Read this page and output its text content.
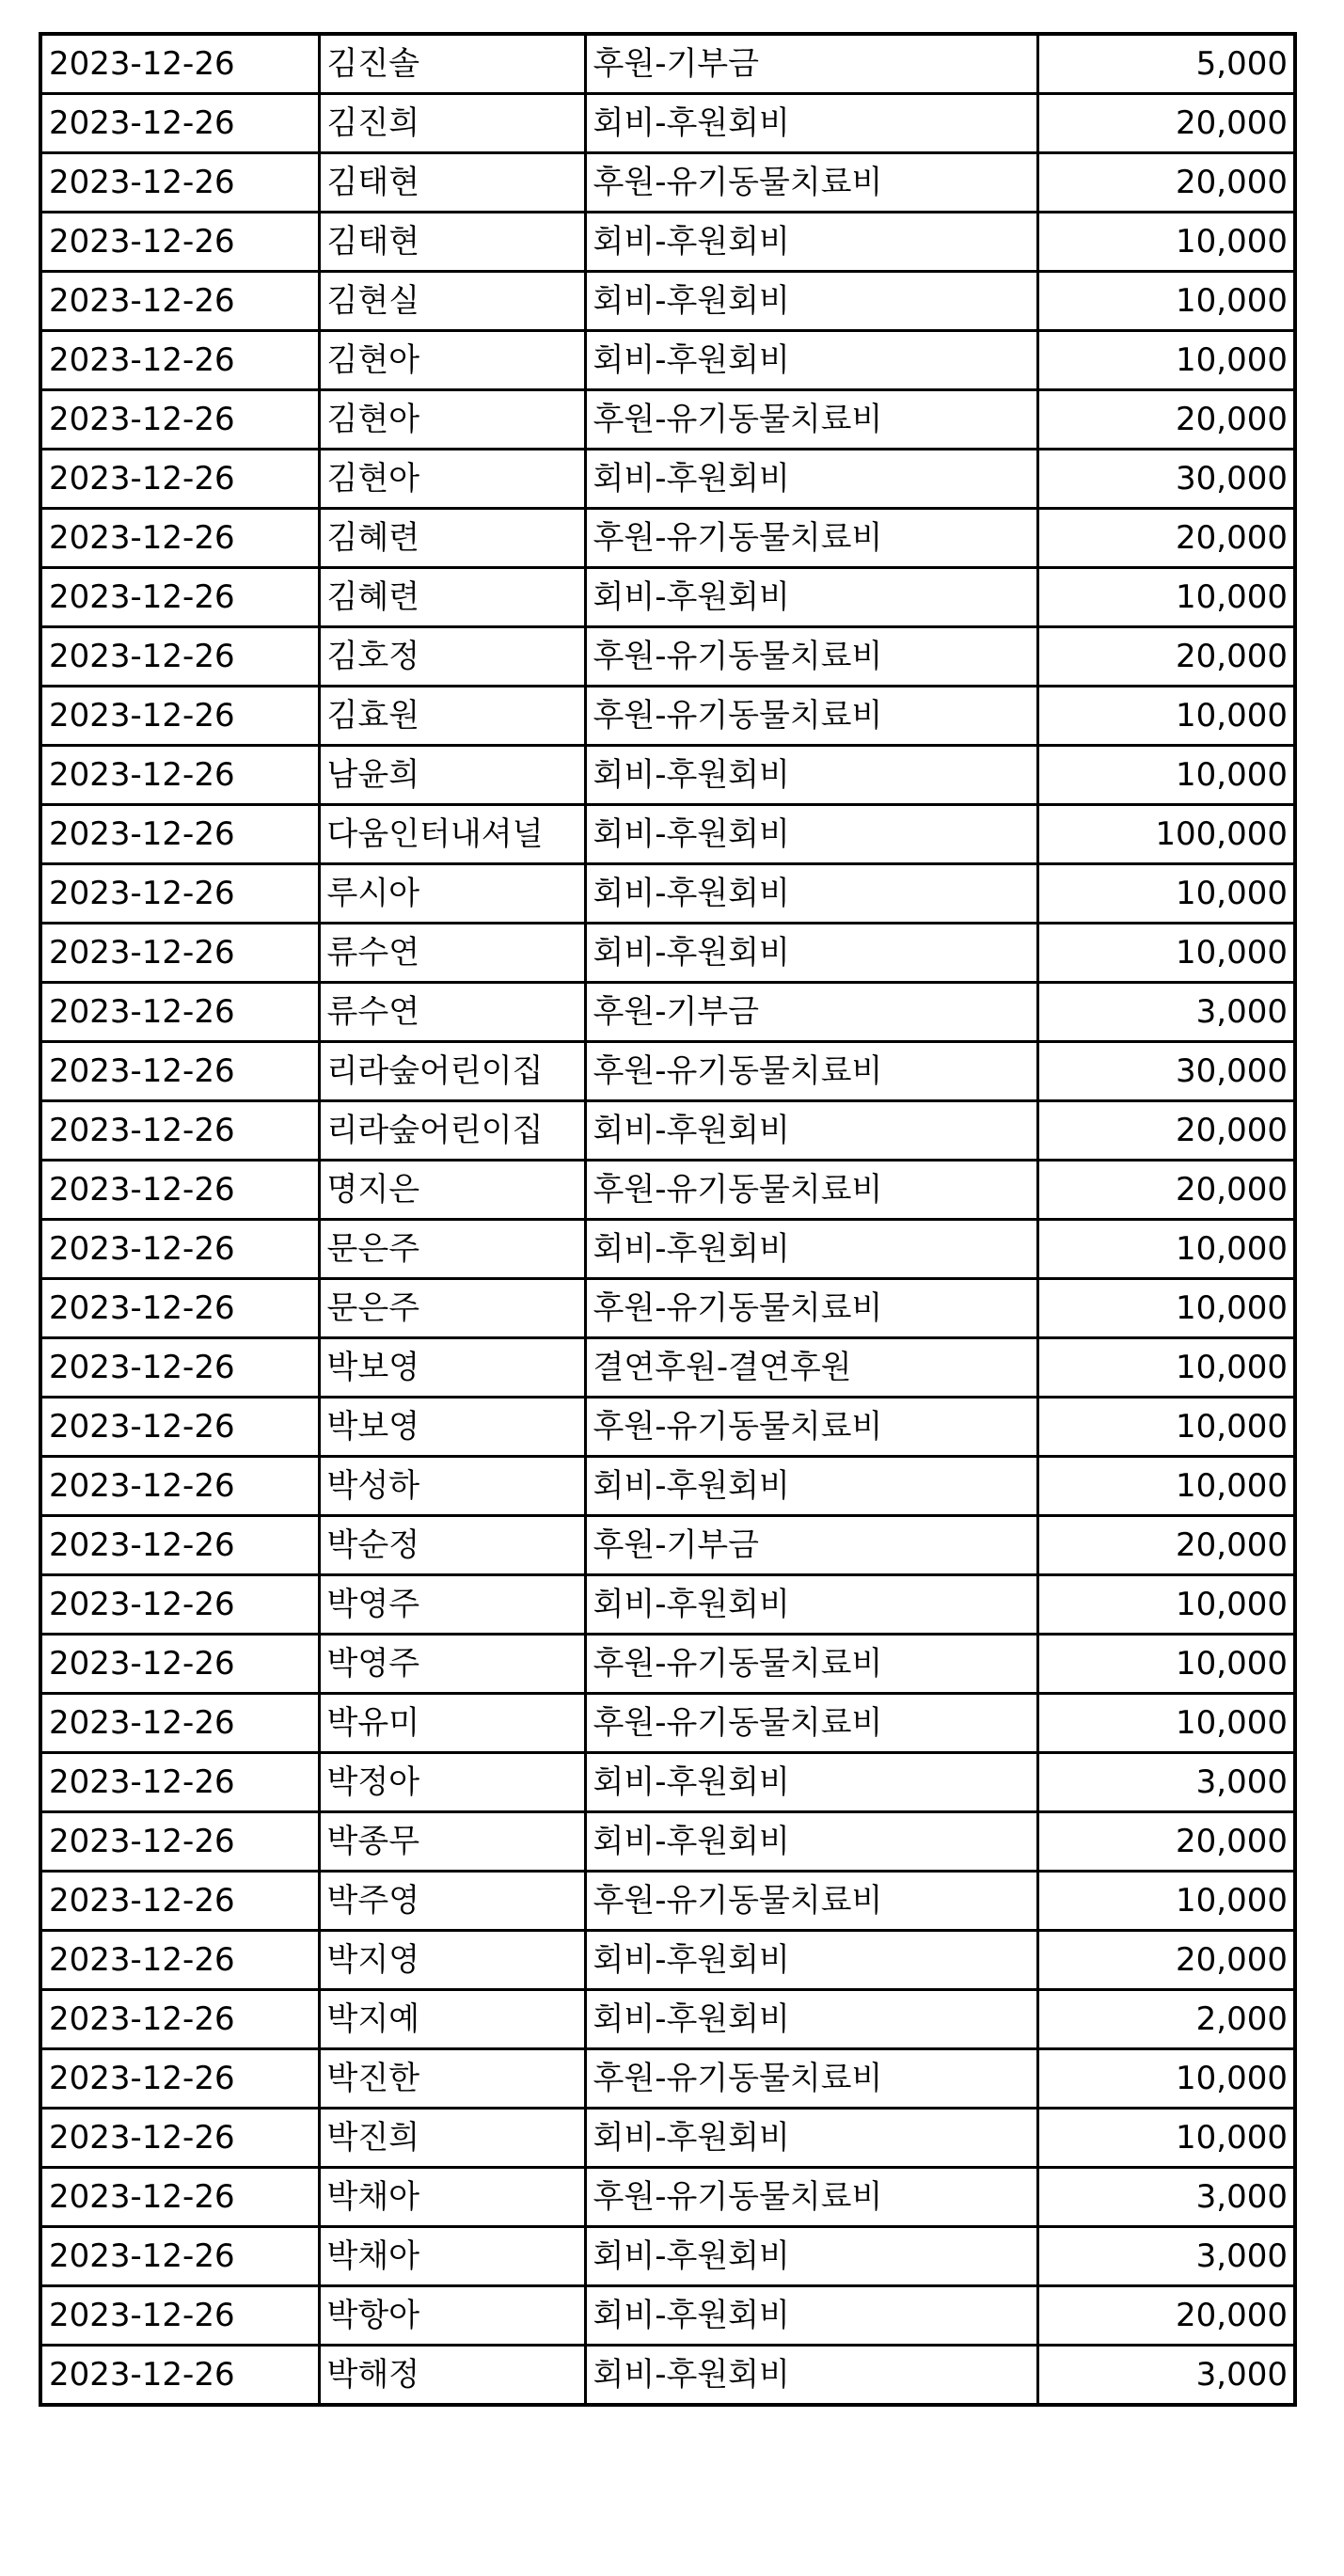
2023-12-26	김진솔	후원-기부금	5,000
2023-12-26	김진희	회비-후원회비	20,000
2023-12-26	김태현	후원-유기동물치료비	20,000
2023-12-26	김태현	회비-후원회비	10,000
2023-12-26	김현실	회비-후원회비	10,000
2023-12-26	김현아	회비-후원회비	10,000
2023-12-26	김현아	후원-유기동물치료비	20,000
2023-12-26	김현아	회비-후원회비	30,000
2023-12-26	김혜련	후원-유기동물치료비	20,000
2023-12-26	김혜련	회비-후원회비	10,000
2023-12-26	김호정	후원-유기동물치료비	20,000
2023-12-26	김효원	후원-유기동물치료비	10,000
2023-12-26	남윤희	회비-후원회비	10,000
2023-12-26	다움인터내셔널	회비-후원회비	100,000
2023-12-26	루시아	회비-후원회비	10,000
2023-12-26	류수연	회비-후원회비	10,000
2023-12-26	류수연	후원-기부금	3,000
2023-12-26	리라숲어린이집	후원-유기동물치료비	30,000
2023-12-26	리라숲어린이집	회비-후원회비	20,000
2023-12-26	명지은	후원-유기동물치료비	20,000
2023-12-26	문은주	회비-후원회비	10,000
2023-12-26	문은주	후원-유기동물치료비	10,000
2023-12-26	박보영	결연후원-결연후원	10,000
2023-12-26	박보영	후원-유기동물치료비	10,000
2023-12-26	박성하	회비-후원회비	10,000
2023-12-26	박순정	후원-기부금	20,000
2023-12-26	박영주	회비-후원회비	10,000
2023-12-26	박영주	후원-유기동물치료비	10,000
2023-12-26	박유미	후원-유기동물치료비	10,000
2023-12-26	박정아	회비-후원회비	3,000
2023-12-26	박종무	회비-후원회비	20,000
2023-12-26	박주영	후원-유기동물치료비	10,000
2023-12-26	박지영	회비-후원회비	20,000
2023-12-26	박지예	회비-후원회비	2,000
2023-12-26	박진한	후원-유기동물치료비	10,000
2023-12-26	박진희	회비-후원회비	10,000
2023-12-26	박채아	후원-유기동물치료비	3,000
2023-12-26	박채아	회비-후원회비	3,000
2023-12-26	박항아	회비-후원회비	20,000
2023-12-26	박해정	회비-후원회비	3,000
